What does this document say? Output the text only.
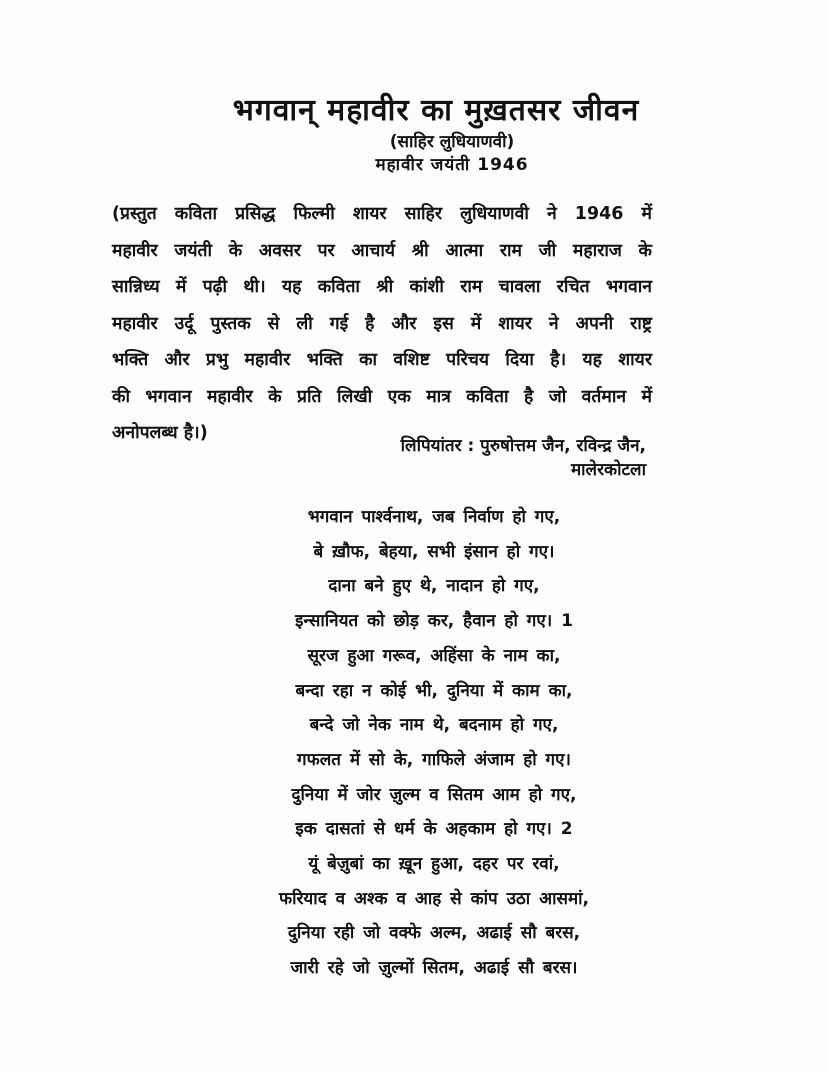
भगवान् महावीर का मुख़तसर जीवन
(साहिर लुधियाणवी)
महावीर जयंती 1946
(प्रस्तुत कविता प्रसिद्ध फिल्मी शायर साहिर लुधियाणवी ने 1946 में
महावीर जयंती के अवसर पर आचार्य श्री आत्मा राम जी महाराज के
सान्निध्य में पढ़ी थी। यह कविता श्री कांशी राम चावला रचित भगवान
महावीर उर्दू पुस्तक से ली गई है और इस में शायर ने अपनी राष्ट्र
भक्ति और प्रभु महावीर भक्ति का वशिष्ट परिचय दिया है। यह शायर
की भगवान महावीर के प्रति लिखी एक मात्र कविता है जो वर्तमान में
अनोपलब्ध है।)
लिपियांतर : पुरुषोत्तम जैन, रविन्द्र जैन,
मालेरकोटला
भगवान पार्श्वनाथ, जब निर्वाण हो गए,
बे ख़ौफ, बेहया, सभी इंसान हो गए।
दाना बने हुए थे, नादान हो गए,
इन्सानियत को छोड़ कर, हैवान हो गए। 1
सूरज हुआ गरूव, अहिंसा के नाम का,
बन्दा रहा न कोई भी, दुनिया में काम का,
बन्दे जो नेक नाम थे, बदनाम हो गए,
गफलत में सो के, गाफिले अंजाम हो गए।
दुनिया में जोर ज़ुल्म व सितम आम हो गए,
इक दासतां से धर्म के अहकाम हो गए। 2
यूं बेज़ुबां का ख़ून हुआ, दहर पर रवां,
फरियाद व अश्क व आह से कांप उठा आसमां,
दुनिया रही जो वक्फे अल्म, अढाई सौ बरस,
जारी रहे जो ज़ुल्मों सितम, अढाई सौ बरस।
